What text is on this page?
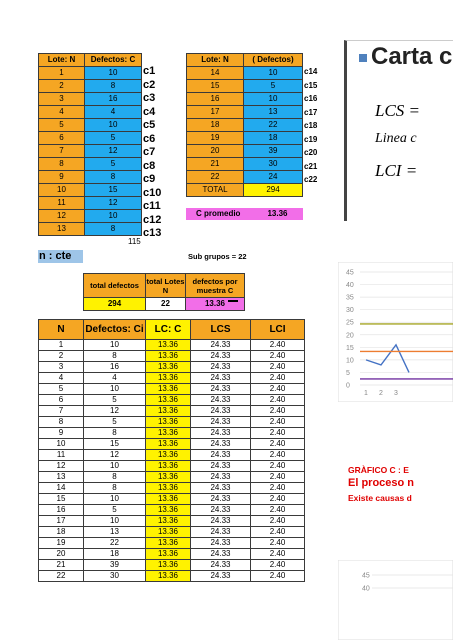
Lote: N	Defectos: C
1	10
2	8
3	16
4	4
5	10
6	5
7	12
8	5
9	8
10	15
11	12
12	10
13	8
c1
c2
c3
c4
c5
c6
c7
c8
c9
c10
c11
c12
c13
115
Lote: N	( Defectos)
14	10
15	5
16	10
17	13
18	22
19	18
20	39
21	30
22	24
TOTAL	294
c14
c15
c16
c17
c18
c19
c20
c21
c22
C promedio	13.36
n : cte	Sub grupos = 22
total defectos	total Lotes N	defectos por muestra C
294	22	13.36
N	Defectos: Ci	LC: C	LCS	LCI
1	10	13.36	24.33	2.40
2	8	13.36	24.33	2.40
3	16	13.36	24.33	2.40
4	4	13.36	24.33	2.40
5	10	13.36	24.33	2.40
6	5	13.36	24.33	2.40
7	12	13.36	24.33	2.40
8	5	13.36	24.33	2.40
9	8	13.36	24.33	2.40
10	15	13.36	24.33	2.40
11	12	13.36	24.33	2.40
12	10	13.36	24.33	2.40
13	8	13.36	24.33	2.40
14	8	13.36	24.33	2.40
15	10	13.36	24.33	2.40
16	5	13.36	24.33	2.40
17	10	13.36	24.33	2.40
18	13	13.36	24.33	2.40
19	22	13.36	24.33	2.40
20	18	13.36	24.33	2.40
21	39	13.36	24.33	2.40
22	30	13.36	24.33	2.40
Carta c
LCS =
Linea c
LCI =
0
5
10
15
20
25
30
35
40
45
1 2 3
GRÀFICO C : E
El proceso n
Existe causas d
45
40
